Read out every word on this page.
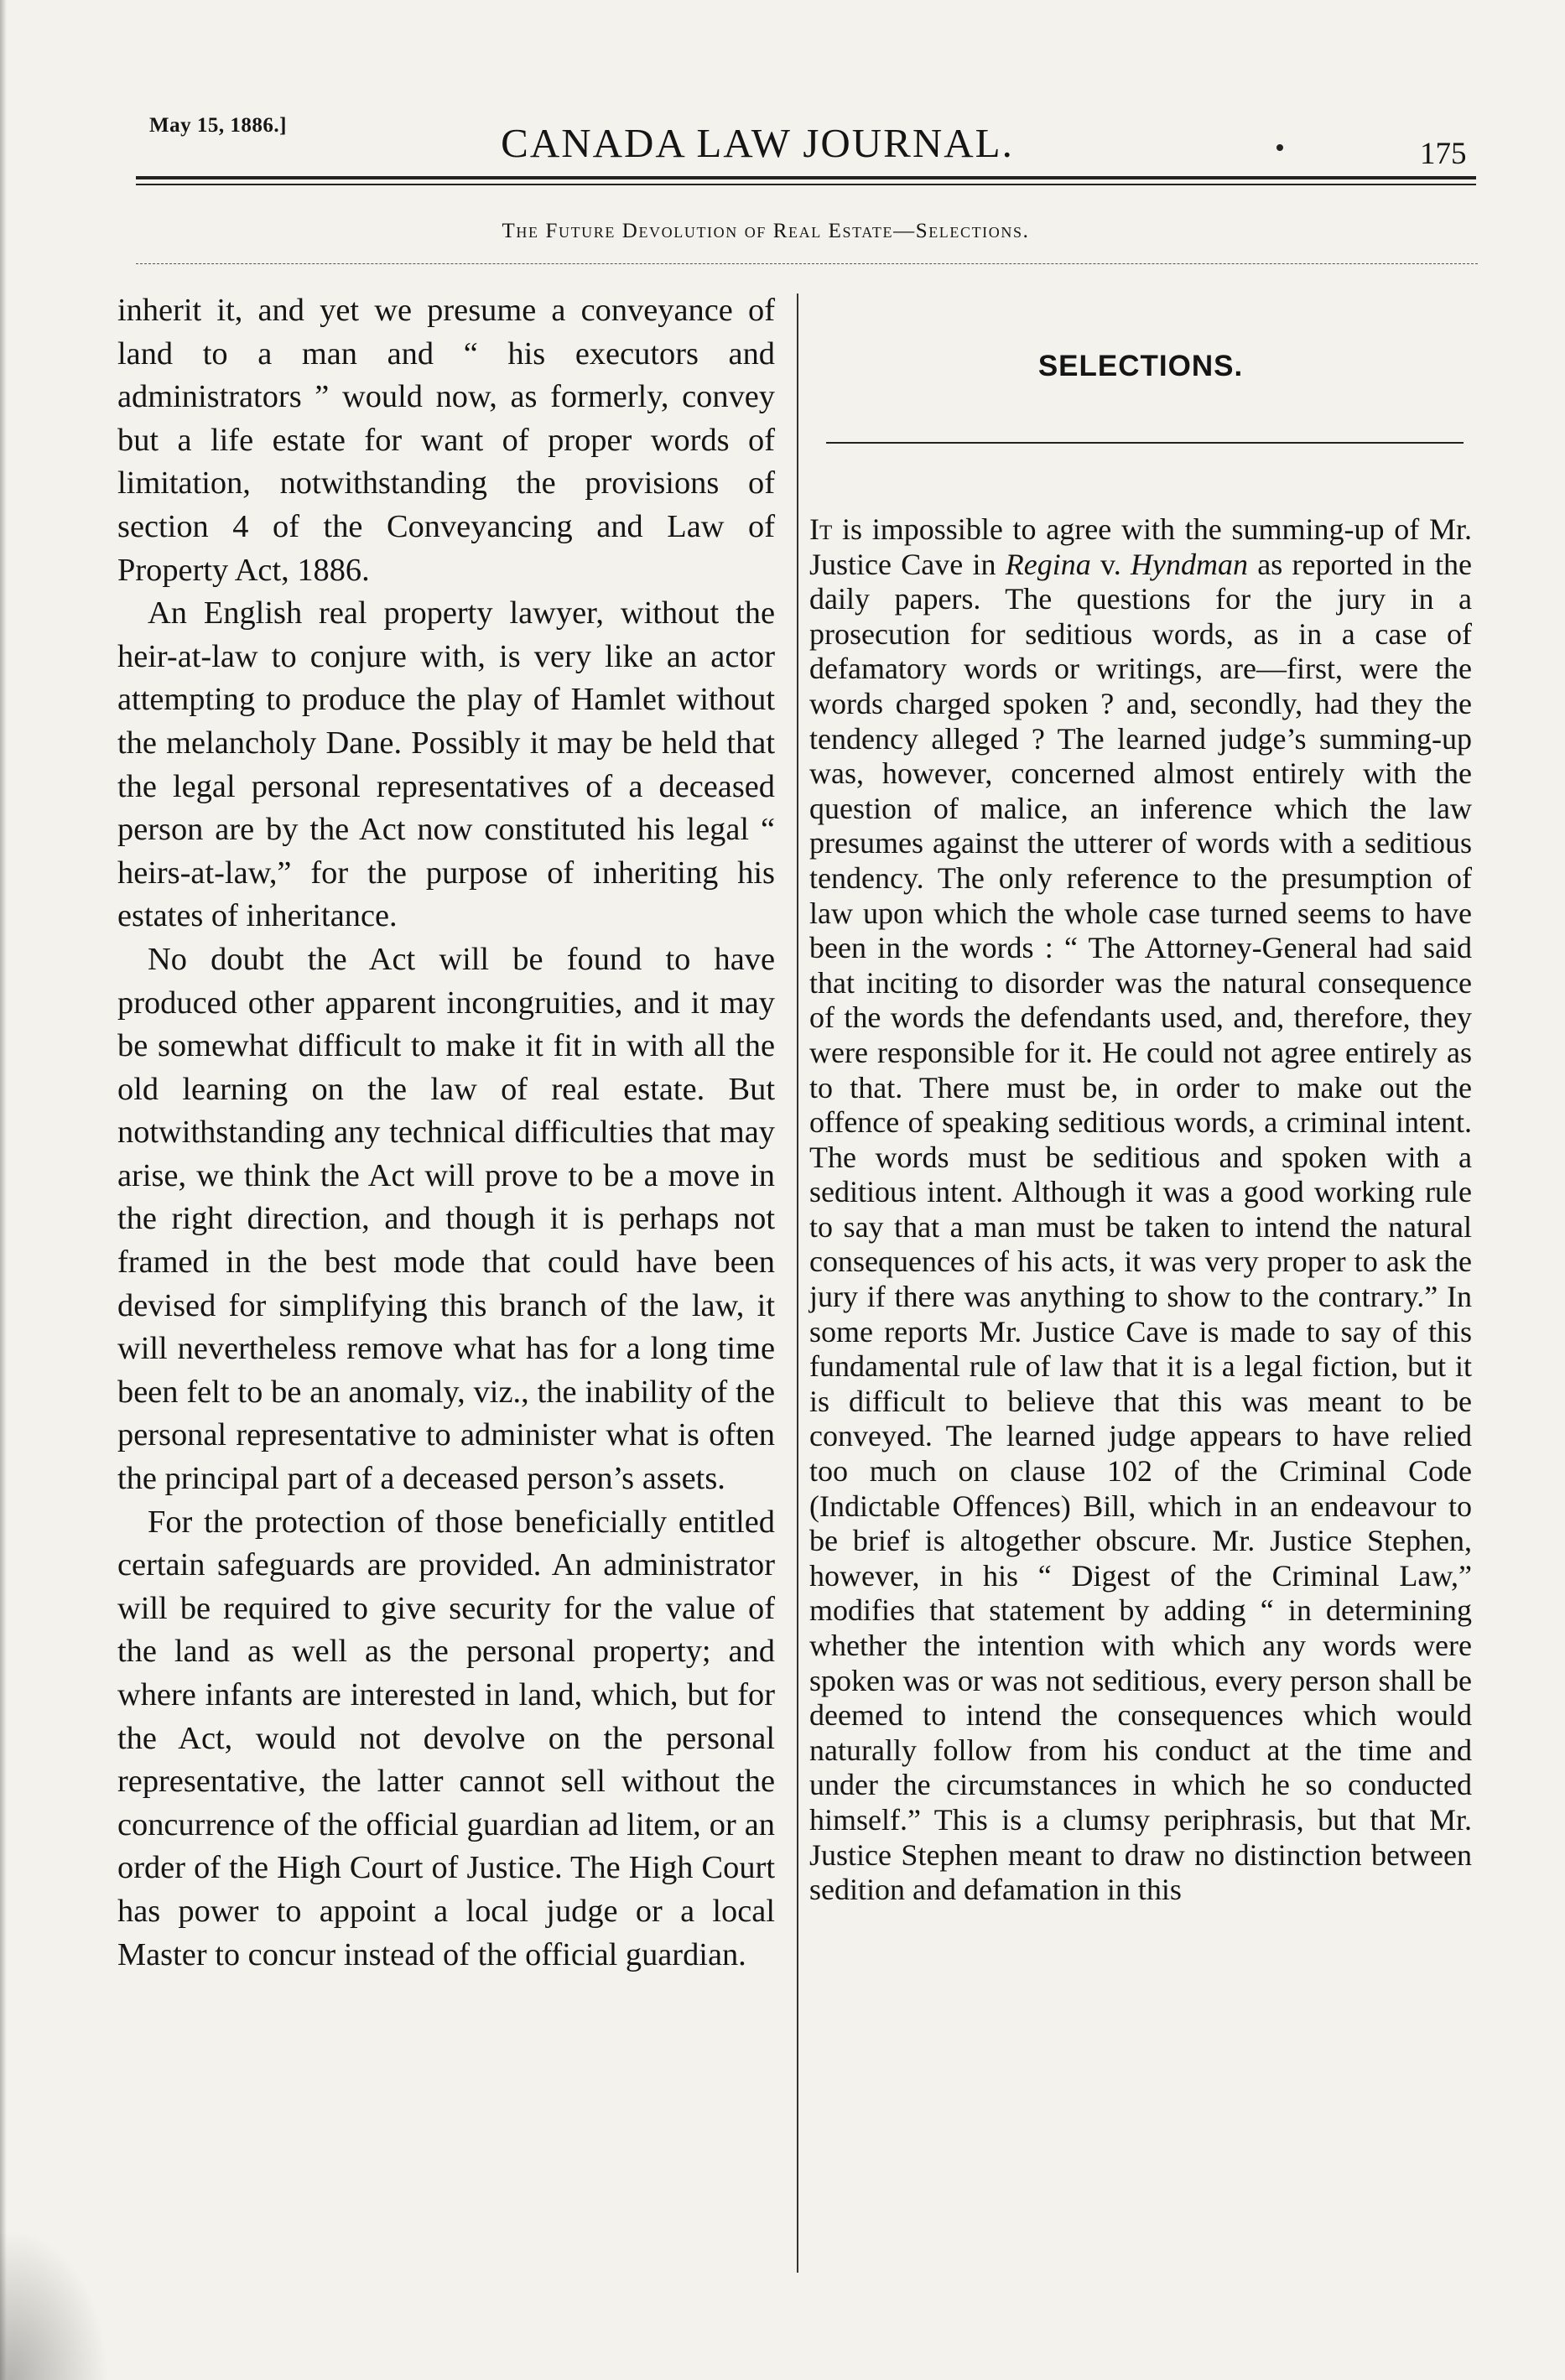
May 15, 1886.]	CANADA LAW JOURNAL.	175
The Future Devolution of Real Estate—Selections.

inherit it, and yet we presume a conveyance of land to a man and “ his executors and administrators ” would now, as formerly, convey but a life estate for want of proper words of limitation, notwithstanding the provisions of section 4 of the Conveyancing and Law of Property Act, 1886.

An English real property lawyer, without the heir-at-law to conjure with, is very like an actor attempting to produce the play of Hamlet without the melancholy Dane. Possibly it may be held that the legal personal representatives of a deceased person are by the Act now constituted his legal “ heirs-at-law,” for the purpose of inheriting his estates of inheritance.

No doubt the Act will be found to have produced other apparent incongruities, and it may be somewhat difficult to make it fit in with all the old learning on the law of real estate. But notwithstanding any technical difficulties that may arise, we think the Act will prove to be a move in the right direction, and though it is perhaps not framed in the best mode that could have been devised for simplifying this branch of the law, it will nevertheless remove what has for a long time been felt to be an anomaly, viz., the inability of the personal representative to administer what is often the principal part of a deceased person’s assets.

For the protection of those beneficially entitled certain safeguards are provided. An administrator will be required to give security for the value of the land as well as the personal property; and where infants are interested in land, which, but for the Act, would not devolve on the personal representative, the latter cannot sell without the concurrence of the official guardian ad litem, or an order of the High Court of Justice. The High Court has power to appoint a local judge or a local Master to concur instead of the official guardian.

SELECTIONS.

It is impossible to agree with the summing-up of Mr. Justice Cave in Regina v. Hyndman as reported in the daily papers. The questions for the jury in a prosecution for seditious words, as in a case of defamatory words or writings, are—first, were the words charged spoken ? and, secondly, had they the tendency alleged ? The learned judge’s summing-up was, however, concerned almost entirely with the question of malice, an inference which the law presumes against the utterer of words with a seditious tendency. The only reference to the presumption of law upon which the whole case turned seems to have been in the words : “ The Attorney-General had said that inciting to disorder was the natural consequence of the words the defendants used, and, therefore, they were responsible for it. He could not agree entirely as to that. There must be, in order to make out the offence of speaking seditious words, a criminal intent. The words must be seditious and spoken with a seditious intent. Although it was a good working rule to say that a man must be taken to intend the natural consequences of his acts, it was very proper to ask the jury if there was anything to show to the contrary.” In some reports Mr. Justice Cave is made to say of this fundamental rule of law that it is a legal fiction, but it is difficult to believe that this was meant to be conveyed. The learned judge appears to have relied too much on clause 102 of the Criminal Code (Indictable Offences) Bill, which in an endeavour to be brief is altogether obscure. Mr. Justice Stephen, however, in his “ Digest of the Criminal Law,” modifies that statement by adding “ in determining whether the intention with which any words were spoken was or was not seditious, every person shall be deemed to intend the consequences which would naturally follow from his conduct at the time and under the circumstances in which he so conducted himself.” This is a clumsy periphrasis, but that Mr. Justice Stephen meant to draw no distinction between sedition and defamation in this
